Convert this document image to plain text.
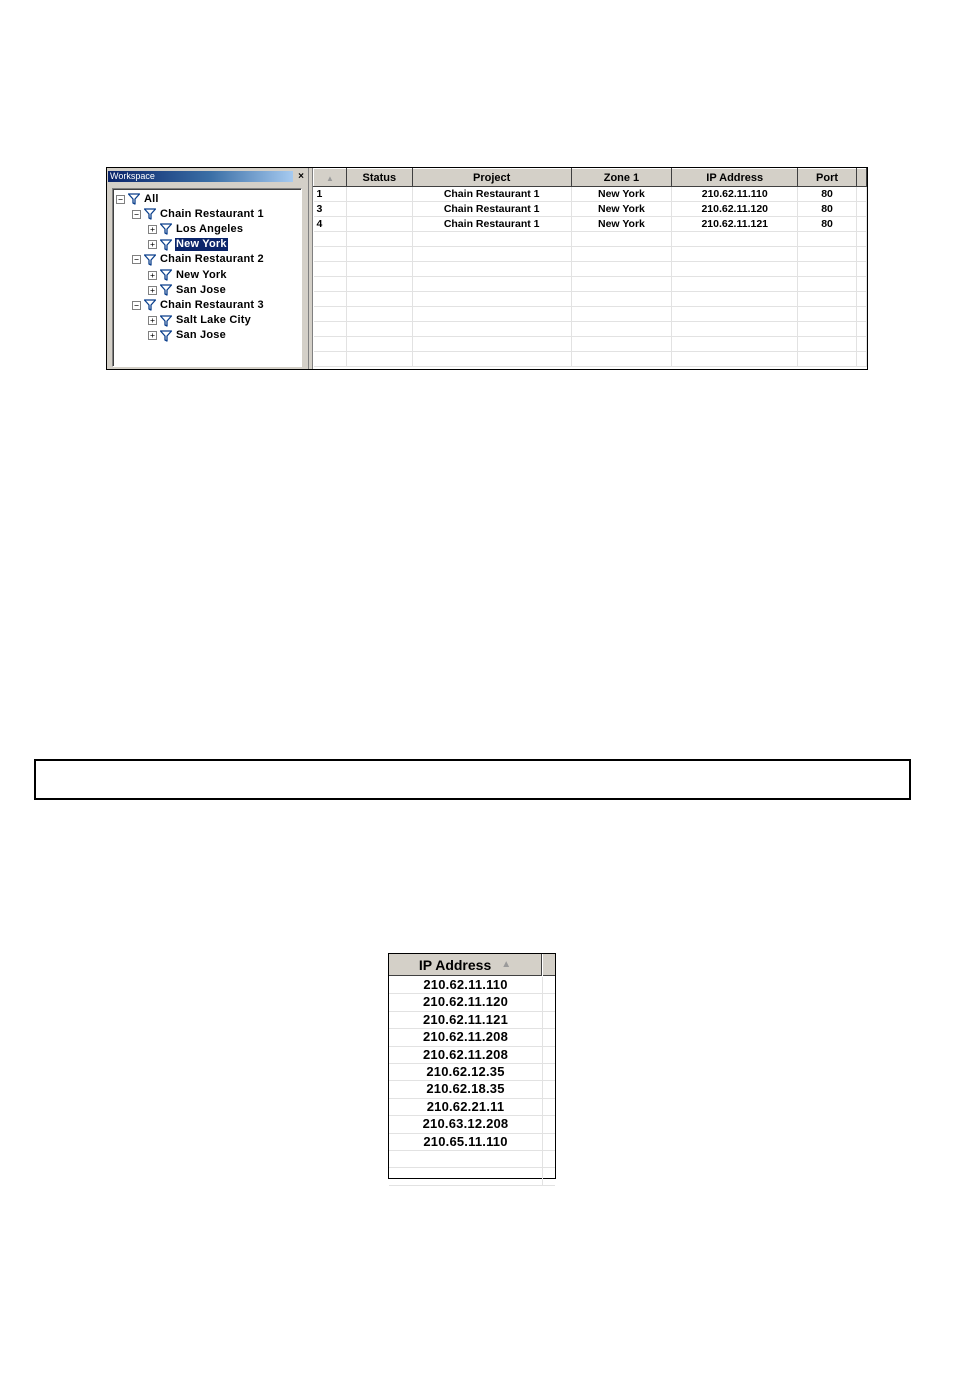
Workspace	×
− All
− Chain Restaurant 1
+ Los Angeles
+ New York
− Chain Restaurant 2
+ New York
+ San Jose
− Chain Restaurant 3
+ Salt Lake City
+ San Jose
▲	Status	Project	Zone 1	IP Address	Port	
1		Chain Restaurant 1	New York	210.62.11.110	80	
3		Chain Restaurant 1	New York	210.62.11.120	80	
4		Chain Restaurant 1	New York	210.62.11.121	80	

IP Address ▲
210.62.11.110
210.62.11.120
210.62.11.121
210.62.11.208
210.62.11.208
210.62.12.35
210.62.18.35
210.62.21.11
210.63.12.208
210.65.11.110
